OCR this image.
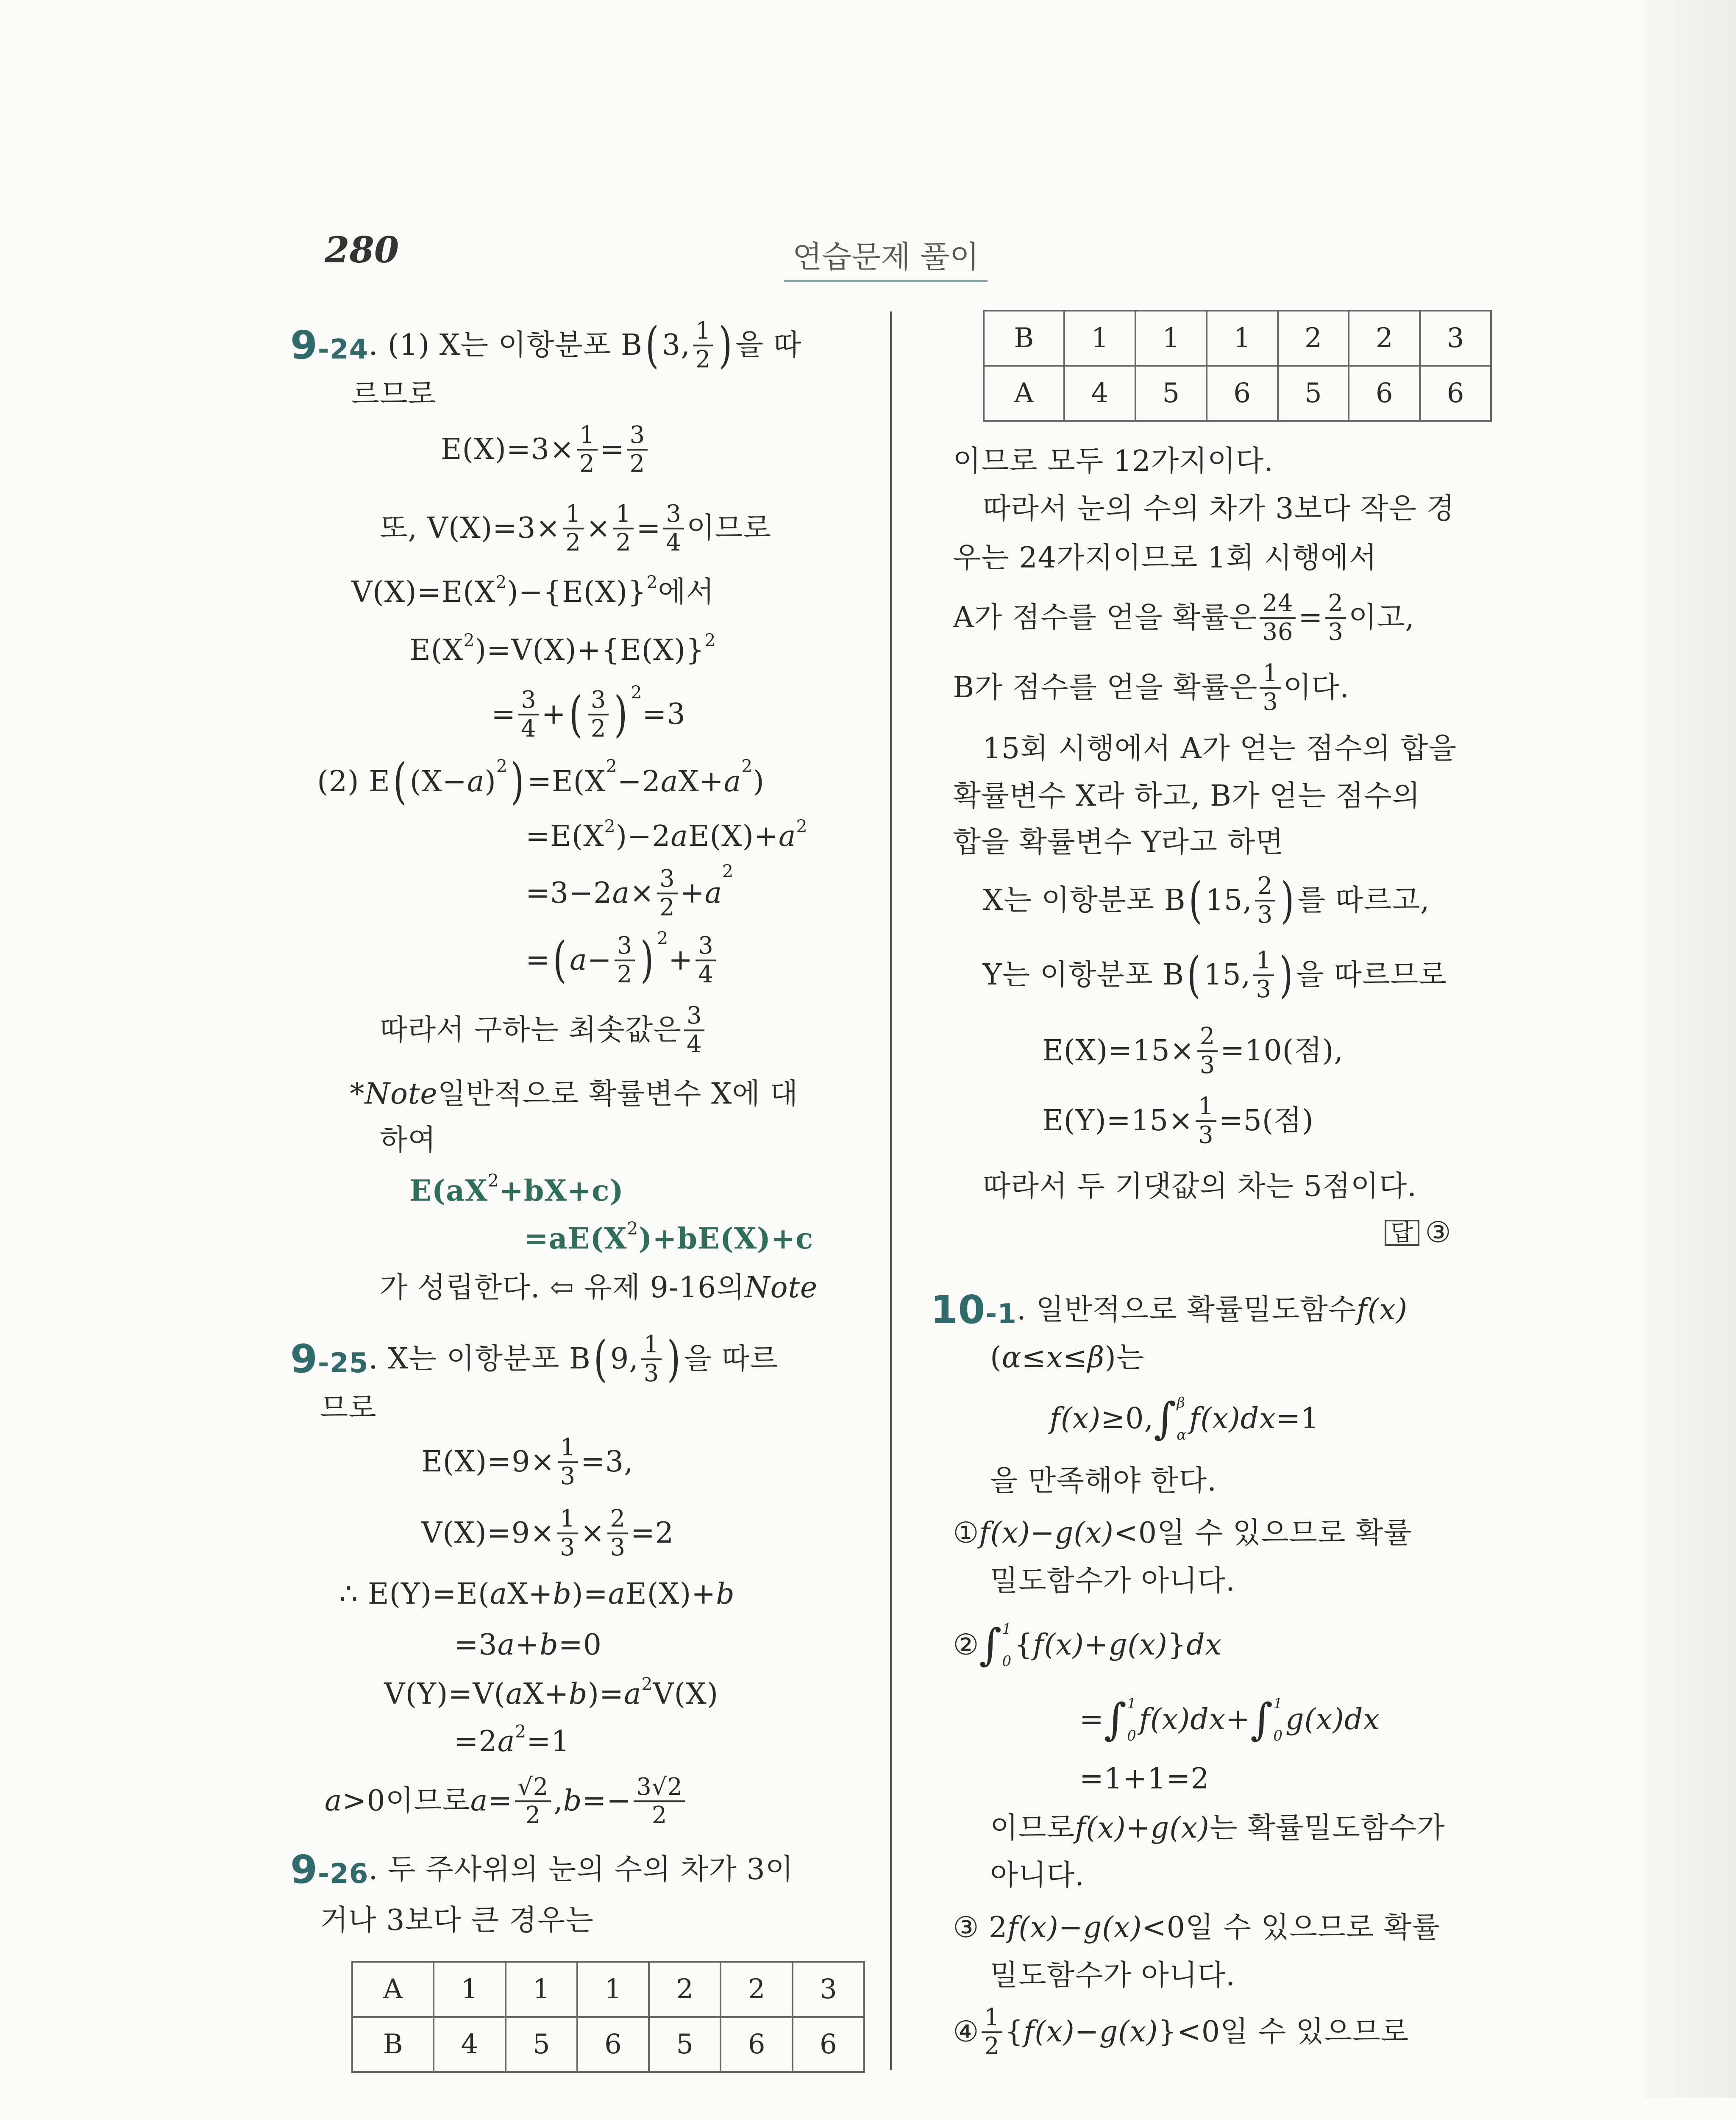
280	연습문제 풀이
9-24 . (1) X는 이항분포 B ( 3, $\frac{1}{2}$ ) 을 따
르므로
$E(X)=3\times \frac{1}{2} = \frac{3}{2}$
또, $V(X)=3\times \frac{1}{2} \times \frac{1}{2} = \frac{3}{4}$ 이므로
V(X)=E(X 2 )−{E(X)} 2 에서
E(X 2 )=V(X)+{E(X)} 2
= $\frac{3}{4}$ + ( $\frac{3}{2}$ ) 2
=3
(2) E ( (X− a ) 2 ) =E(X 2 −2 a X+ a 2 )
=E(X 2 )−2 a E(X)+ a 2
=3−2 $a \times \frac{3}{2} + a$
2
= ( $a - \frac{3}{2}$ ) 2
+ $\frac{3}{4}$
따라서 구하는 최솟값은 $\frac{3}{4}$
*Note 일반적으로 확률변수 X에 대
하여
E(aX 2 +bX+c)
=aE(X 2 )+bE(X)+c
가 성립한다. ⇦ 유제 9-16의 Note
9-25 . X는 이항분포 B ( 9, $\frac{1}{3}$ ) 을 따르
므로
$E(X)=9\times \frac{1}{3} =3$,
$V(X)=9\times \frac{1}{3} \times \frac{2}{3} =2$
∴ E(Y)=E( a X+ b )= a E(X)+ b
=3 a + b =0
V(Y)=V( a X+ b )= a 2 V(X)
=2 a 2 =1
a >0이므로 $a = \frac{√2}{2}$ , $b =- \frac{3√2}{2}$
9-26 . 두 주사위의 눈의 수의 차가 3이
거나 3보다 큰 경우는
A	1	1	1	2	2	3
B	4	5	6	5	6	6
이므로 모두 12가지이다.
따라서 눈의 수의 차가 3보다 작은 경
우는 24가지이므로 1회 시행에서
A가 점수를 얻을 확률은 $\frac{24}{36} = \frac{2}{3}$ 이고,
B가 점수를 얻을 확률은 $\frac{1}{3}$ 이다.
15회 시행에서 A가 얻는 점수의 합을
확률변수 X라 하고, B가 얻는 점수의
합을 확률변수 Y라고 하면
X는 이항분포 B ( 15, $\frac{2}{3}$ ) 를 따르고,
Y는 이항분포 B ( 15, $\frac{1}{3}$ ) 을 따르므로
$E(X)=15\times \frac{2}{3} =10$(점),
$E(Y)=15\times \frac{1}{3} =5$(점)
따라서 두 기댓값의 차는 5점이다.
답 ③
10-1 . 일반적으로 확률밀도함수 f(x)
( α≤x≤β )는
f(x) ≥0, ∫ β
α f(x)dx =1
을 만족해야 한다.
① f(x)−g(x) <0일 수 있으므로 확률
밀도함수가 아니다.
② ∫ 1
0 { f(x)+g(x) } dx
= ∫ 1
0 f(x)dx + ∫ 1
0 g(x)dx
=1+1=2
이므로 f(x)+g(x) 는 확률밀도함수가
아니다.
③ 2 f(x)−g(x) <0일 수 있으므로 확률
밀도함수가 아니다.
④ $\frac{1}{2}$ { f(x)−g(x) }<0일 수 있으므로
B	1	1	1	2	2	3
A	4	5	6	5	6	6
